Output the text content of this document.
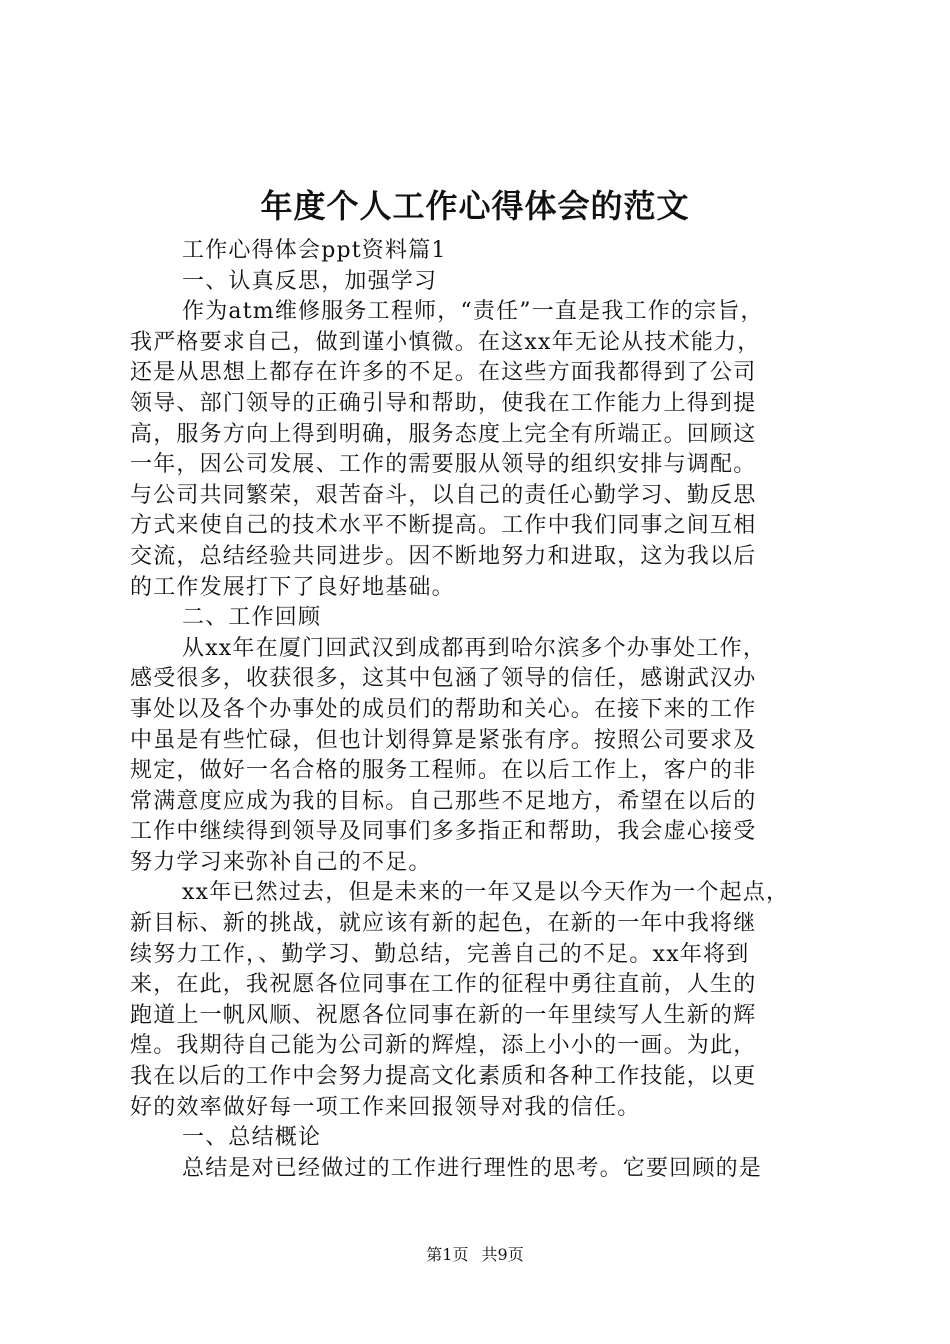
年度个人工作心得体会的范文
工作心得体会ppt资料篇1
一、认真反思，加强学习
作为atm维修服务工程师，“责任”一直是我工作的宗旨，
我严格要求自己，做到谨小慎微。在这xx年无论从技术能力，
还是从思想上都存在许多的不足。在这些方面我都得到了公司
领导、部门领导的正确引导和帮助，使我在工作能力上得到提
高，服务方向上得到明确，服务态度上完全有所端正。回顾这
一年，因公司发展、工作的需要服从领导的组织安排与调配。
与公司共同繁荣，艰苦奋斗，以自己的责任心勤学习、勤反思
方式来使自己的技术水平不断提高。工作中我们同事之间互相
交流，总结经验共同进步。因不断地努力和进取，这为我以后
的工作发展打下了良好地基础。
二、工作回顾
从xx年在厦门回武汉到成都再到哈尔滨多个办事处工作，
感受很多，收获很多，这其中包涵了领导的信任，感谢武汉办
事处以及各个办事处的成员们的帮助和关心。在接下来的工作
中虽是有些忙碌，但也计划得算是紧张有序。按照公司要求及
规定，做好一名合格的服务工程师。在以后工作上，客户的非
常满意度应成为我的目标。自己那些不足地方，希望在以后的
工作中继续得到领导及同事们多多指正和帮助，我会虚心接受
努力学习来弥补自己的不足。
xx年已然过去，但是未来的一年又是以今天作为一个起点，
新目标、新的挑战，就应该有新的起色，在新的一年中我将继
续努力工作，、勤学习、勤总结，完善自己的不足。xx年将到
来，在此，我祝愿各位同事在工作的征程中勇往直前，人生的
跑道上一帆风顺、祝愿各位同事在新的一年里续写人生新的辉
煌。我期待自己能为公司新的辉煌，添上小小的一画。为此，
我在以后的工作中会努力提高文化素质和各种工作技能，以更
好的效率做好每一项工作来回报领导对我的信任。
一、总结概论
总结是对已经做过的工作进行理性的思考。它要回顾的是
第1页 共9页
